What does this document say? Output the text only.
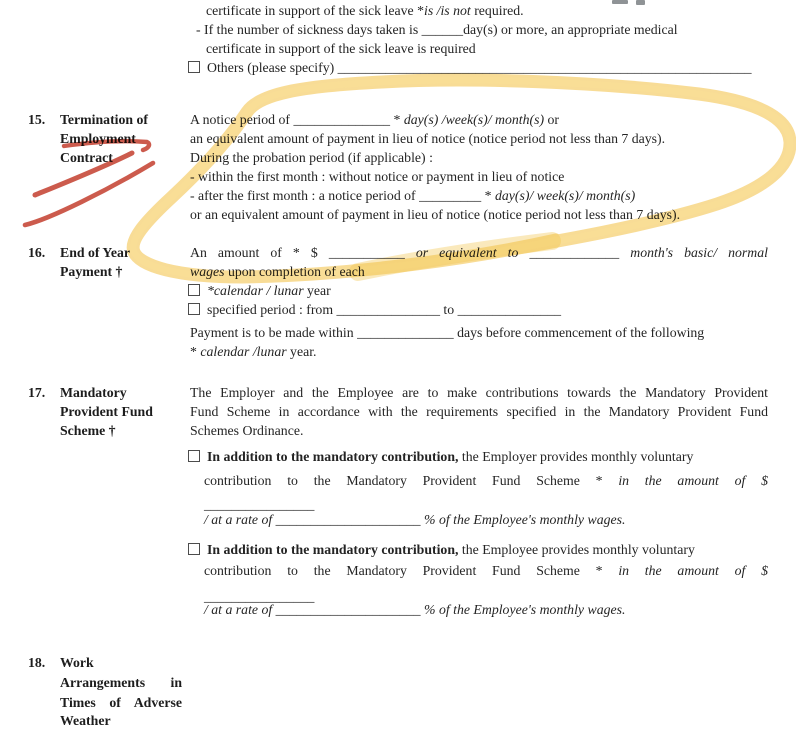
certificate in support of the sick leave *is /is not required.
- If the number of sickness days taken is ______day(s) or more, an appropriate medical
certificate in support of the sick leave is required
Others (please specify) ____________________________________________________________
15. Termination of
Employment
Contract
A notice period of ______________ * day(s) /week(s)/ month(s) or
an equivalent amount of payment in lieu of notice (notice period not less than 7 days).
During the probation period (if applicable) :
- within the first month : without notice or payment in lieu of notice
- after the first month : a notice period of _________ * day(s)/ week(s)/ month(s)
or an equivalent amount of payment in lieu of notice (notice period not less than 7 days).
16. End of Year
Payment †
An amount of * $ ___________ or equivalent to _____________ month's basic/ normal
wages upon completion of each
*calendar / lunar year
specified period : from _______________ to _______________
Payment is to be made within ______________ days before commencement of the following
* calendar /lunar year.
17. Mandatory
Provident Fund
Scheme †
The Employer and the Employee are to make contributions towards the Mandatory Provident
Fund Scheme in accordance with the requirements specified in the Mandatory Provident Fund
Schemes Ordinance.
In addition to the mandatory contribution, the Employer provides monthly voluntary
contribution to the Mandatory Provident Fund Scheme * in the amount of $
________________
/ at a rate of _____________________ % of the Employee's monthly wages.
In addition to the mandatory contribution, the Employee provides monthly voluntary
contribution to the Mandatory Provident Fund Scheme * in the amount of $
________________
/ at a rate of _____________________ % of the Employee's monthly wages.
18. Work
Arrangements in
Times of Adverse
Weather
